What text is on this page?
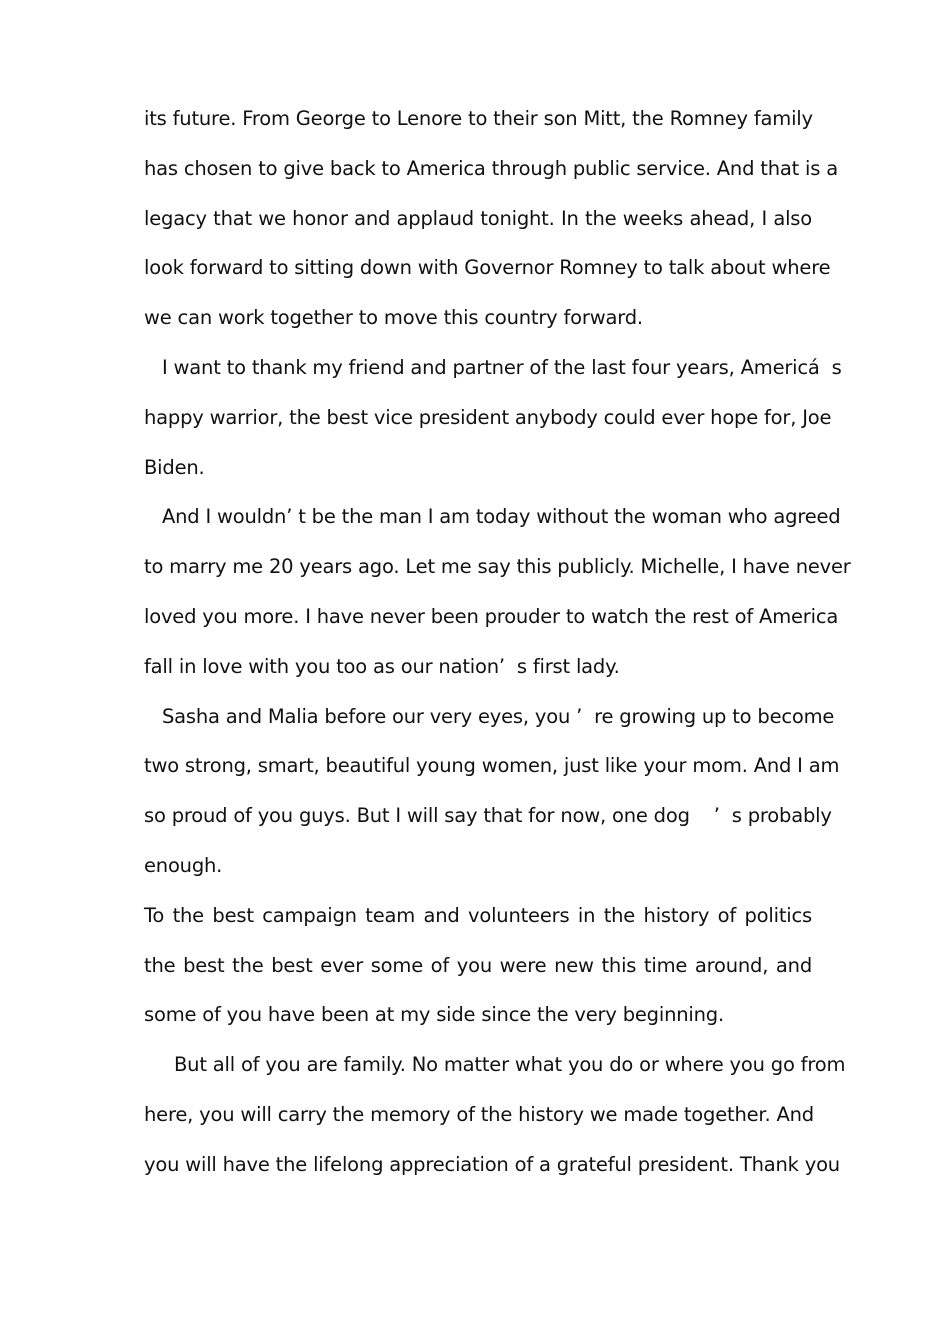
its future. From George to Lenore to their son Mitt, the Romney family
has chosen to give back to America through public service. And that is a
legacy that we honor and applaud tonight. In the weeks ahead, I also
look forward to sitting down with Governor Romney to talk about where
we can work together to move this country forward.
I want to thank my friend and partner of the last four years, Americá  s
happy warrior, the best vice president anybody could ever hope for, Joe
Biden.
And I wouldn’ t be the man I am today without the woman who agreed
to marry me 20 years ago. Let me say this publicly. Michelle, I have never
loved you more. I have never been prouder to watch the rest of America
fall in love with you too as our nation’  s first lady.
Sasha and Malia before our very eyes, you ’  re growing up to become
two strong, smart, beautiful young women, just like your mom. And I am
so proud of you guys. But I will say that for now, one dog    ’  s probably
enough.
To the best campaign team and volunteers in the history of politics
the best the best ever some of you were new this time around, and
some of you have been at my side since the very beginning.
But all of you are family. No matter what you do or where you go from
here, you will carry the memory of the history we made together. And
you will have the lifelong appreciation of a grateful president. Thank you
